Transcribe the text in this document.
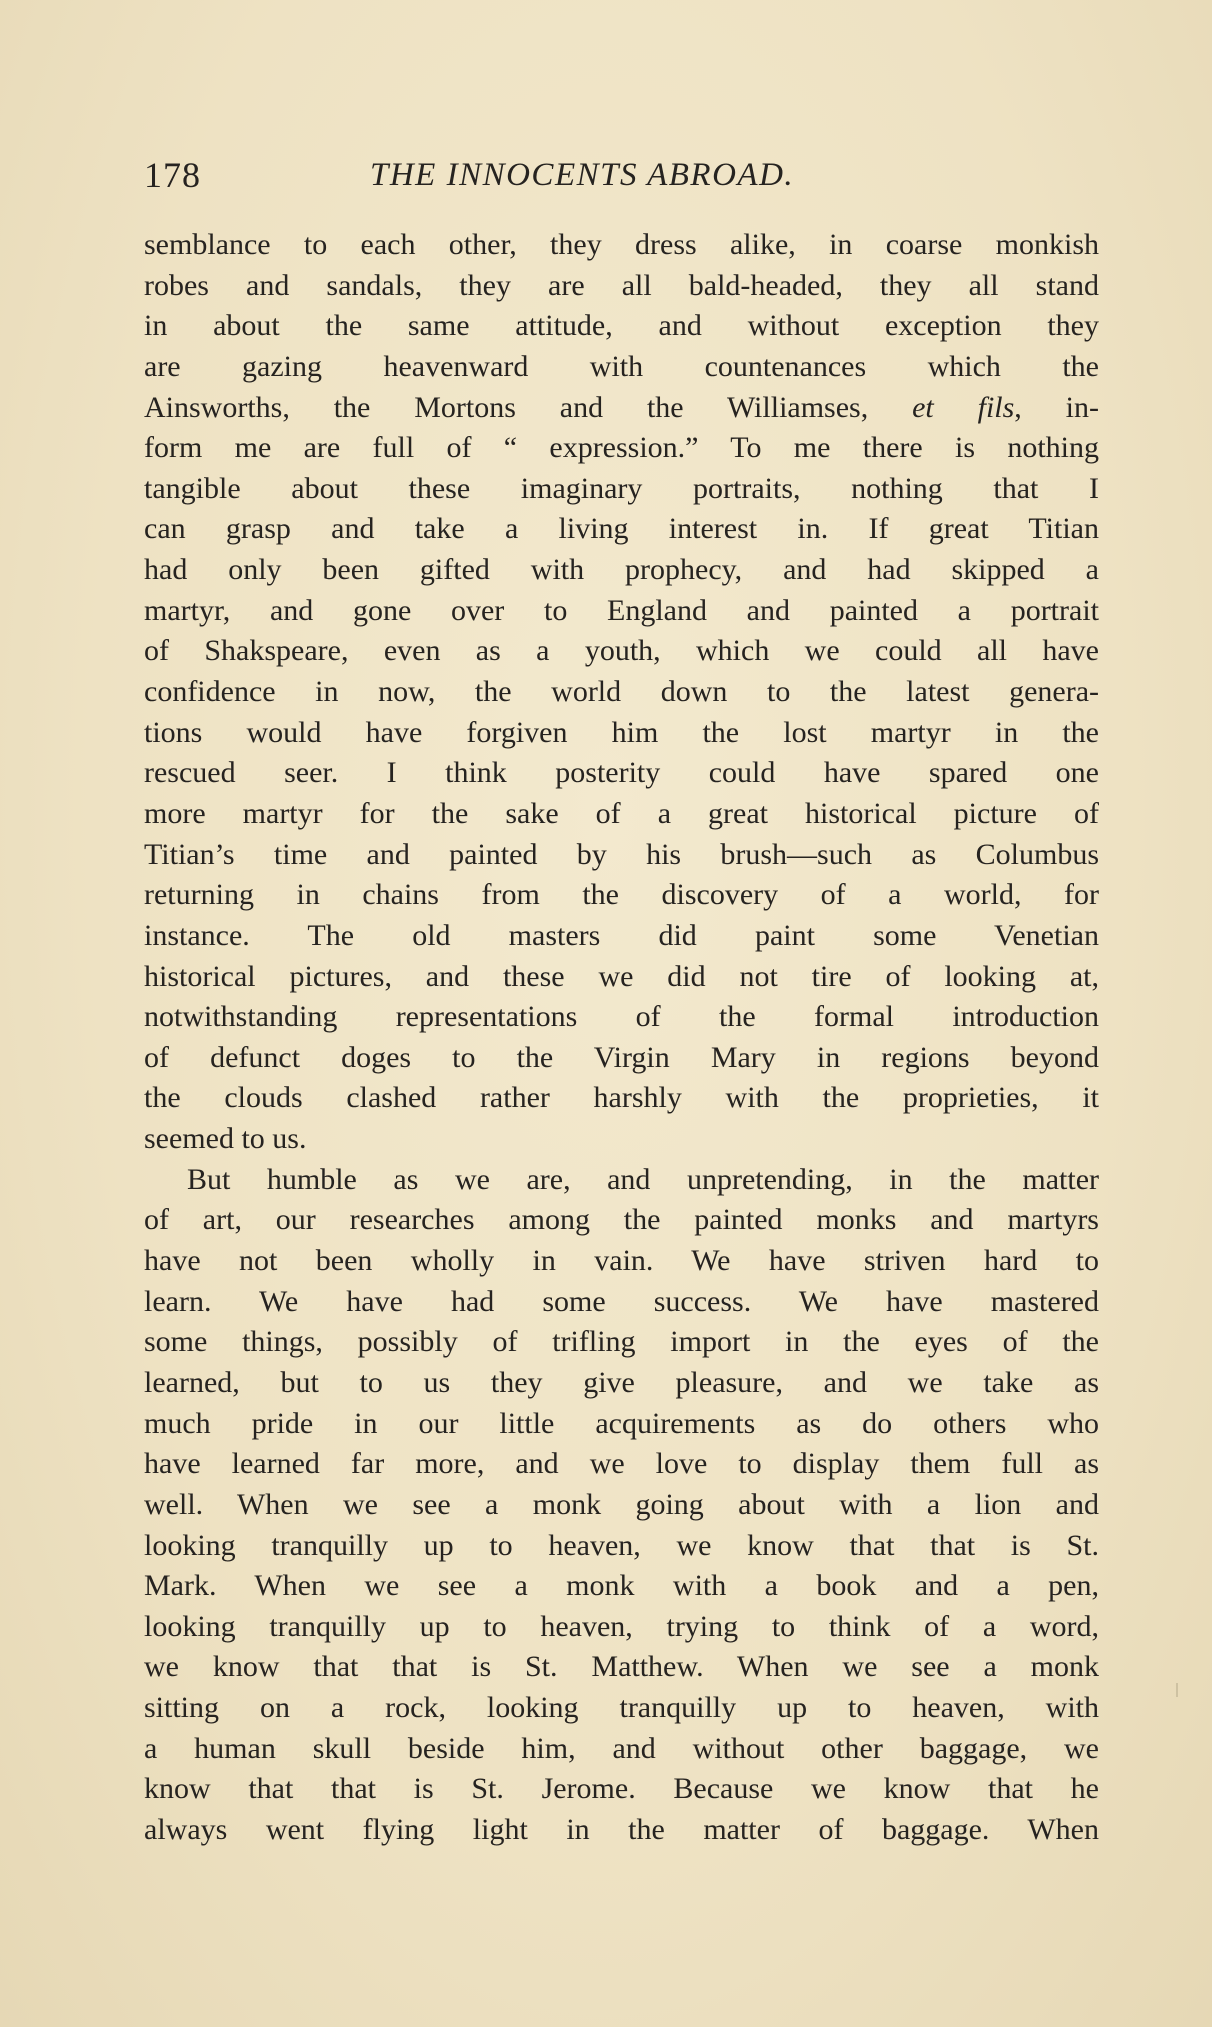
178	THE INNOCENTS ABROAD.
semblance to each other, they dress alike, in coarse monkish
robes and sandals, they are all bald-headed, they all stand
in about the same attitude, and without exception they
are gazing heavenward with countenances which the
Ainsworths, the Mortons and the Williamses, et fils, in-
form me are full of “ expression.” To me there is nothing
tangible about these imaginary portraits, nothing that I
can grasp and take a living interest in. If great Titian
had only been gifted with prophecy, and had skipped a
martyr, and gone over to England and painted a portrait
of Shakspeare, even as a youth, which we could all have
confidence in now, the world down to the latest genera-
tions would have forgiven him the lost martyr in the
rescued seer. I think posterity could have spared one
more martyr for the sake of a great historical picture of
Titian’s time and painted by his brush—such as Columbus
returning in chains from the discovery of a world, for
instance. The old masters did paint some Venetian
historical pictures, and these we did not tire of looking at,
notwithstanding representations of the formal introduction
of defunct doges to the Virgin Mary in regions beyond
the clouds clashed rather harshly with the proprieties, it
seemed to us.
But humble as we are, and unpretending, in the matter
of art, our researches among the painted monks and martyrs
have not been wholly in vain. We have striven hard to
learn. We have had some success. We have mastered
some things, possibly of trifling import in the eyes of the
learned, but to us they give pleasure, and we take as
much pride in our little acquirements as do others who
have learned far more, and we love to display them full as
well. When we see a monk going about with a lion and
looking tranquilly up to heaven, we know that that is St.
Mark. When we see a monk with a book and a pen,
looking tranquilly up to heaven, trying to think of a word,
we know that that is St. Matthew. When we see a monk
sitting on a rock, looking tranquilly up to heaven, with
a human skull beside him, and without other baggage, we
know that that is St. Jerome. Because we know that he
always went flying light in the matter of baggage. When
